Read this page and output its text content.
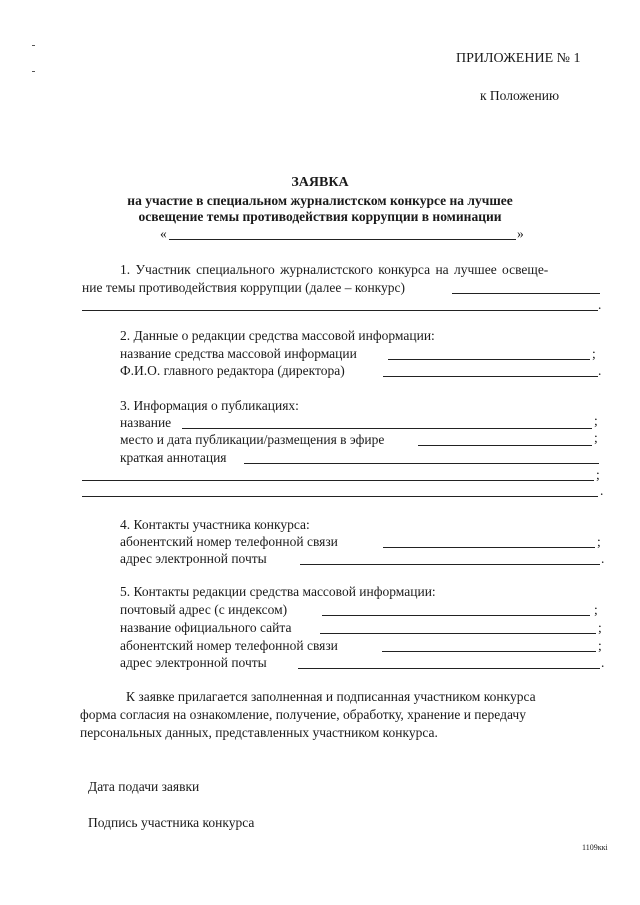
ПРИЛОЖЕНИЕ № 1
к Положению
ЗАЯВКА
на участие в специальном журналистском конкурсе на лучшее
освещение темы противодействия коррупции в номинации
«	»
1. Участник специального журналистского конкурса на лучшее освеще-
ние темы противодействия коррупции (далее – конкурс)
.
2. Данные о редакции средства массовой информации:
название средства массовой информации	;
Ф.И.О. главного редактора (директора)	.
3. Информация о публикациях:
название	;
место и дата публикации/размещения в эфире	;
краткая аннотация
;
.
4. Контакты участника конкурса:
абонентский номер телефонной связи	;
адрес электронной почты	.
5. Контакты редакции средства массовой информации:
почтовый адрес (с индексом)	;
название официального сайта	;
абонентский номер телефонной связи	;
адрес электронной почты	.
К заявке прилагается заполненная и подписанная участником конкурса
форма согласия на ознакомление, получение, обработку, хранение и передачу
персональных данных, представленных участником конкурса.
Дата подачи заявки
Подпись участника конкурса
1109ккі
